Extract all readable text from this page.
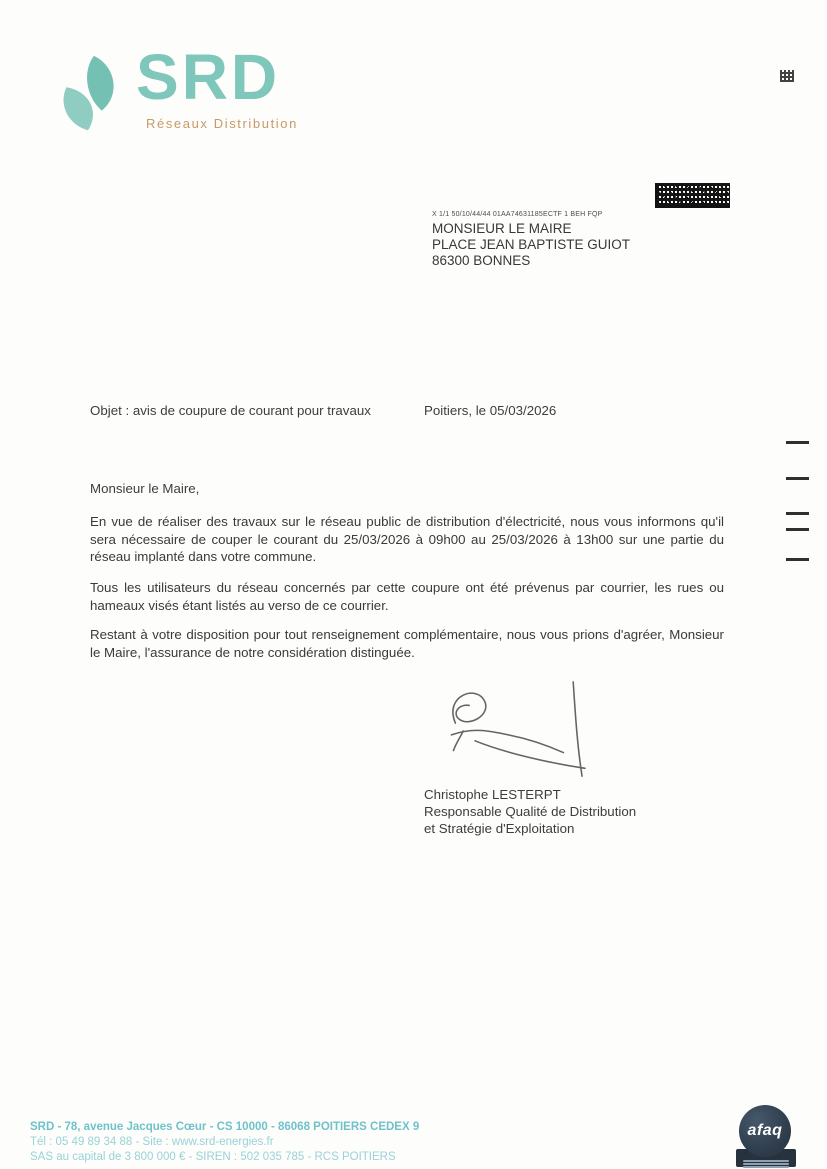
SRD
Réseaux Distribution
X 1/1 50/10/44/44 01AA74631185ECTF 1 BEH FQP
MONSIEUR LE MAIRE
PLACE JEAN BAPTISTE GUIOT
86300 BONNES
Objet : avis de coupure de courant pour travaux	Poitiers, le 05/03/2026
Monsieur le Maire,
En vue de réaliser des travaux sur le réseau public de distribution d'électricité, nous vous informons qu'il sera nécessaire de couper le courant du 25/03/2026 à 09h00 au 25/03/2026 à 13h00 sur une partie du réseau implanté dans votre commune.
Tous les utilisateurs du réseau concernés par cette coupure ont été prévenus par courrier, les rues ou hameaux visés étant listés au verso de ce courrier.
Restant à votre disposition pour tout renseignement complémentaire, nous vous prions d'agréer, Monsieur le Maire, l'assurance de notre considération distinguée.
Christophe LESTERPT
Responsable Qualité de Distribution
et Stratégie d'Exploitation
SRD - 78, avenue Jacques Cœur - CS 10000 - 86068 POITIERS CEDEX 9
Tél : 05 49 89 34 88 - Site : www.srd-energies.fr
SAS au capital de 3 800 000 € - SIREN : 502 035 785 - RCS POITIERS
afaq
